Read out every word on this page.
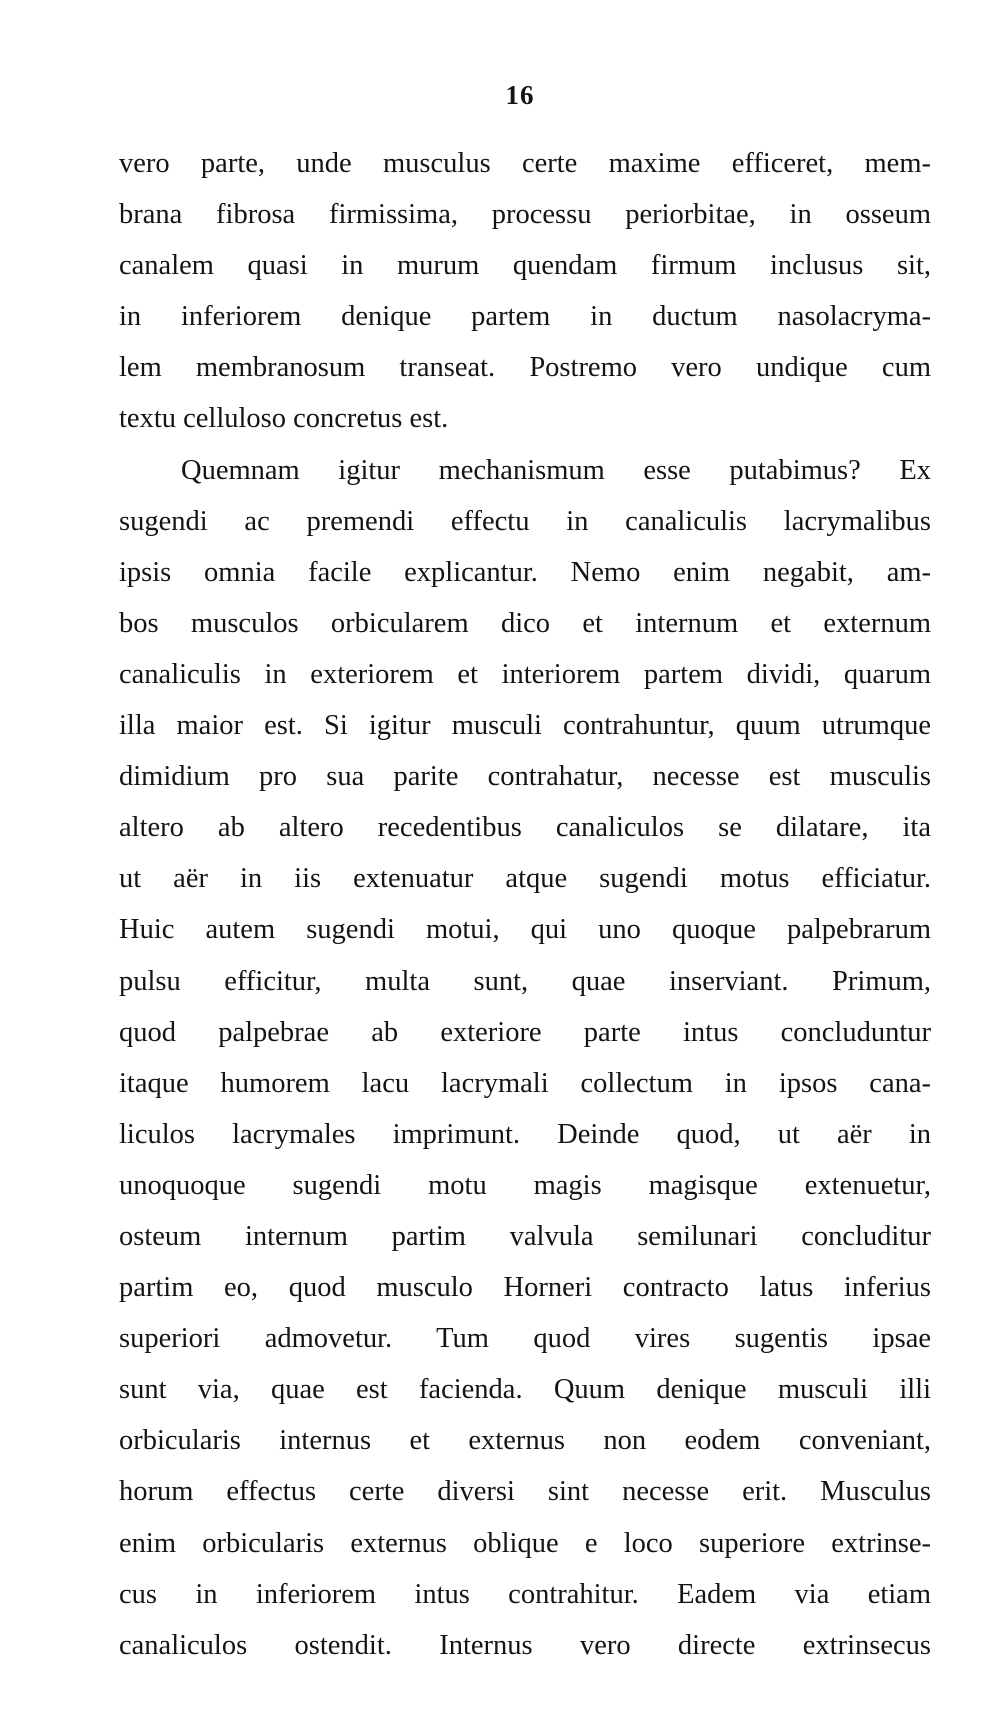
16
vero parte, unde musculus certe maxime efficeret, mem-
brana fibrosa firmissima, processu periorbitae, in osseum
canalem quasi in murum quendam firmum inclusus sit,
in inferiorem denique partem in ductum nasolacryma-
lem membranosum transeat. Postremo vero undique cum
textu celluloso concretus est.
Quemnam igitur mechanismum esse putabimus? Ex
sugendi ac premendi effectu in canaliculis lacrymalibus
ipsis omnia facile explicantur. Nemo enim negabit, am-
bos musculos orbicularem dico et internum et externum
canaliculis in exteriorem et interiorem partem dividi, quarum
illa maior est. Si igitur musculi contrahuntur, quum utrumque
dimidium pro sua parite contrahatur, necesse est musculis
altero ab altero recedentibus canaliculos se dilatare, ita
ut aër in iis extenuatur atque sugendi motus efficiatur.
Huic autem sugendi motui, qui uno quoque palpebrarum
pulsu efficitur, multa sunt, quae inserviant. Primum,
quod palpebrae ab exteriore parte intus concluduntur
itaque humorem lacu lacrymali collectum in ipsos cana-
liculos lacrymales imprimunt. Deinde quod, ut aër in
unoquoque sugendi motu magis magisque extenuetur,
osteum internum partim valvula semilunari concluditur
partim eo, quod musculo Horneri contracto latus inferius
superiori admovetur. Tum quod vires sugentis ipsae
sunt via, quae est facienda. Quum denique musculi illi
orbicularis internus et externus non eodem conveniant,
horum effectus certe diversi sint necesse erit. Musculus
enim orbicularis externus oblique e loco superiore extrinse-
cus in inferiorem intus contrahitur. Eadem via etiam
canaliculos ostendit. Internus vero directe extrinsecus
